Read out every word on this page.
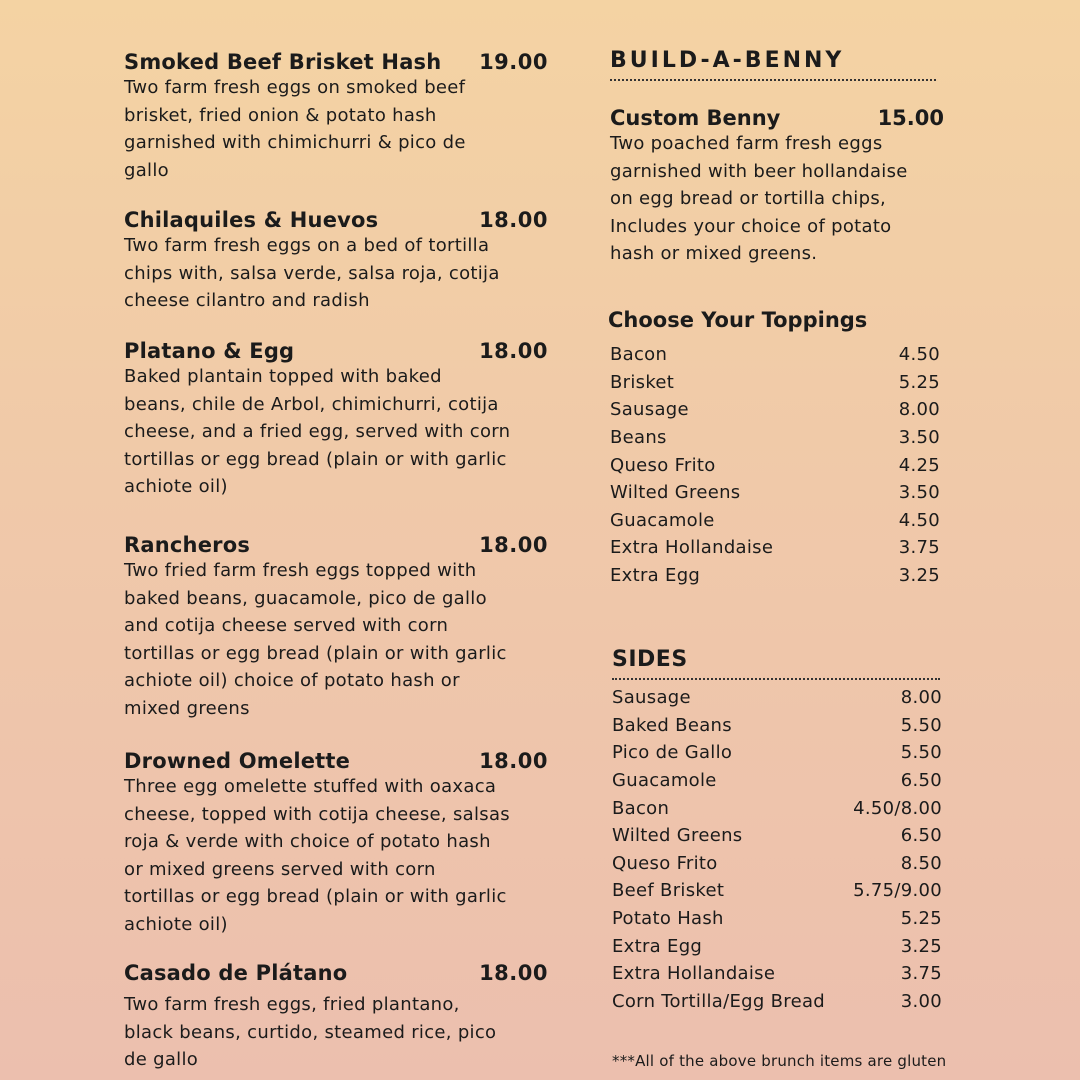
Smoked Beef Brisket Hash 19.00
Two farm fresh eggs on smoked beef
brisket, fried onion & potato hash
garnished with chimichurri & pico de
gallo
Chilaquiles & Huevos	18.00
Two farm fresh eggs on a bed of tortilla
chips with, salsa verde, salsa roja, cotija
cheese cilantro and radish
Platano & Egg	18.00
Baked plantain topped with baked
beans, chile de Arbol, chimichurri, cotija
cheese, and a fried egg, served with corn
tortillas or egg bread (plain or with garlic
achiote oil)
Rancheros	18.00
Two fried farm fresh eggs topped with
baked beans, guacamole, pico de gallo
and cotija cheese served with corn
tortillas or egg bread (plain or with garlic
achiote oil) choice of potato hash or
mixed greens
Drowned Omelette	18.00
Three egg omelette stuffed with oaxaca
cheese, topped with cotija cheese, salsas
roja & verde with choice of potato hash
or mixed greens served with corn
tortillas or egg bread (plain or with garlic
achiote oil)
Casado de Plátano	18.00
Two farm fresh eggs, fried plantano,
black beans, curtido, steamed rice, pico
de gallo
BUILD-A-BENNY
Custom Benny	15.00
Two poached farm fresh eggs
garnished with beer hollandaise
on egg bread or tortilla chips,
Includes your choice of potato
hash or mixed greens.
Choose Your Toppings
Bacon	4.50
Brisket	5.25
Sausage	8.00
Beans	3.50
Queso Frito	4.25
Wilted Greens	3.50
Guacamole	4.50
Extra Hollandaise	3.75
Extra Egg	3.25
SIDES
Sausage	8.00
Baked Beans	5.50
Pico de Gallo	5.50
Guacamole	6.50
Bacon	4.50/8.00
Wilted Greens	6.50
Queso Frito	8.50
Beef Brisket	5.75/9.00
Potato Hash	5.25
Extra Egg	3.25
Extra Hollandaise	3.75
Corn Tortilla/Egg Bread	3.00
***All of the above brunch items are gluten
